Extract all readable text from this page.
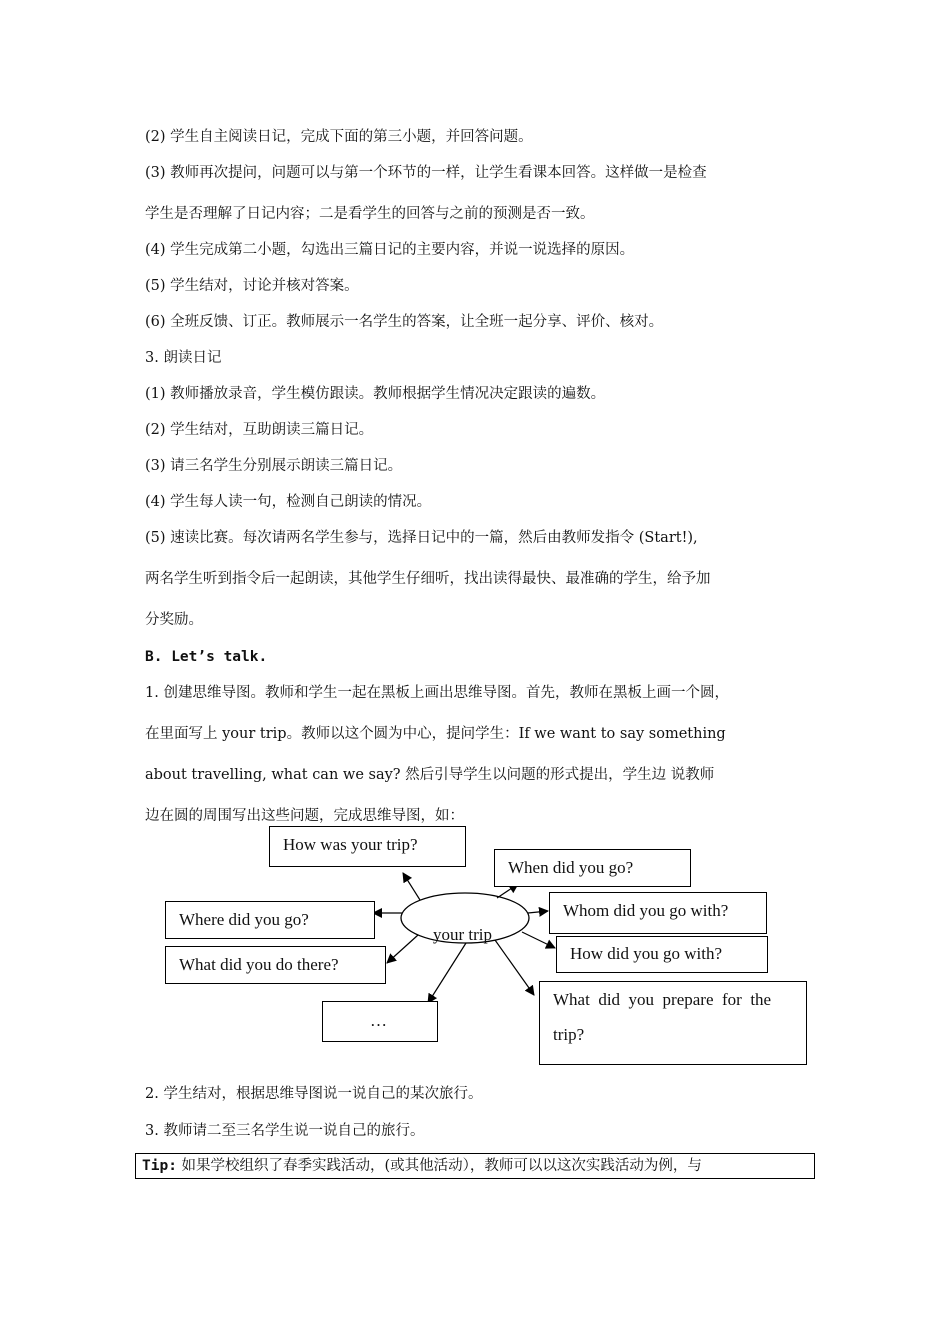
(2) 学生自主阅读日记，完成下面的第三小题，并回答问题。
(3) 教师再次提问，问题可以与第一个环节的一样，让学生看课本回答。这样做一是检查
学生是否理解了日记内容；二是看学生的回答与之前的预测是否一致。
(4) 学生完成第二小题，勾选出三篇日记的主要内容，并说一说选择的原因。
(5) 学生结对，讨论并核对答案。
(6) 全班反馈、订正。教师展示一名学生的答案，让全班一起分享、评价、核对。
3. 朗读日记
(1) 教师播放录音，学生模仿跟读。教师根据学生情况决定跟读的遍数。
(2) 学生结对，互助朗读三篇日记。
(3) 请三名学生分别展示朗读三篇日记。
(4) 学生每人读一句，检测自己朗读的情况。
(5) 速读比赛。每次请两名学生参与，选择日记中的一篇，然后由教师发指令 (Start!),
两名学生听到指令后一起朗读，其他学生仔细听，找出读得最快、最准确的学生，给予加
分奖励。
B. Let’s talk.
1. 创建思维导图。教师和学生一起在黑板上画出思维导图。首先，教师在黑板上画一个圆，
在里面写上 your trip。教师以这个圆为中心，提问学生：If we want to say something
about travelling, what can we say? 然后引导学生以问题的形式提出，学生边 说教师
边在圆的周围写出这些问题，完成思维导图，如：
your trip
How was your trip?
When did you go?
Where did you go?	Whom did you go with?
How did you go with?
What did you do there?
…
What  did  you  prepare  for  the
trip?
2. 学生结对，根据思维导图说一说自己的某次旅行。
3. 教师请二至三名学生说一说自己的旅行。
Tip: 如果学校组织了春季实践活动，(或其他活动），教师可以以这次实践活动为例，与
